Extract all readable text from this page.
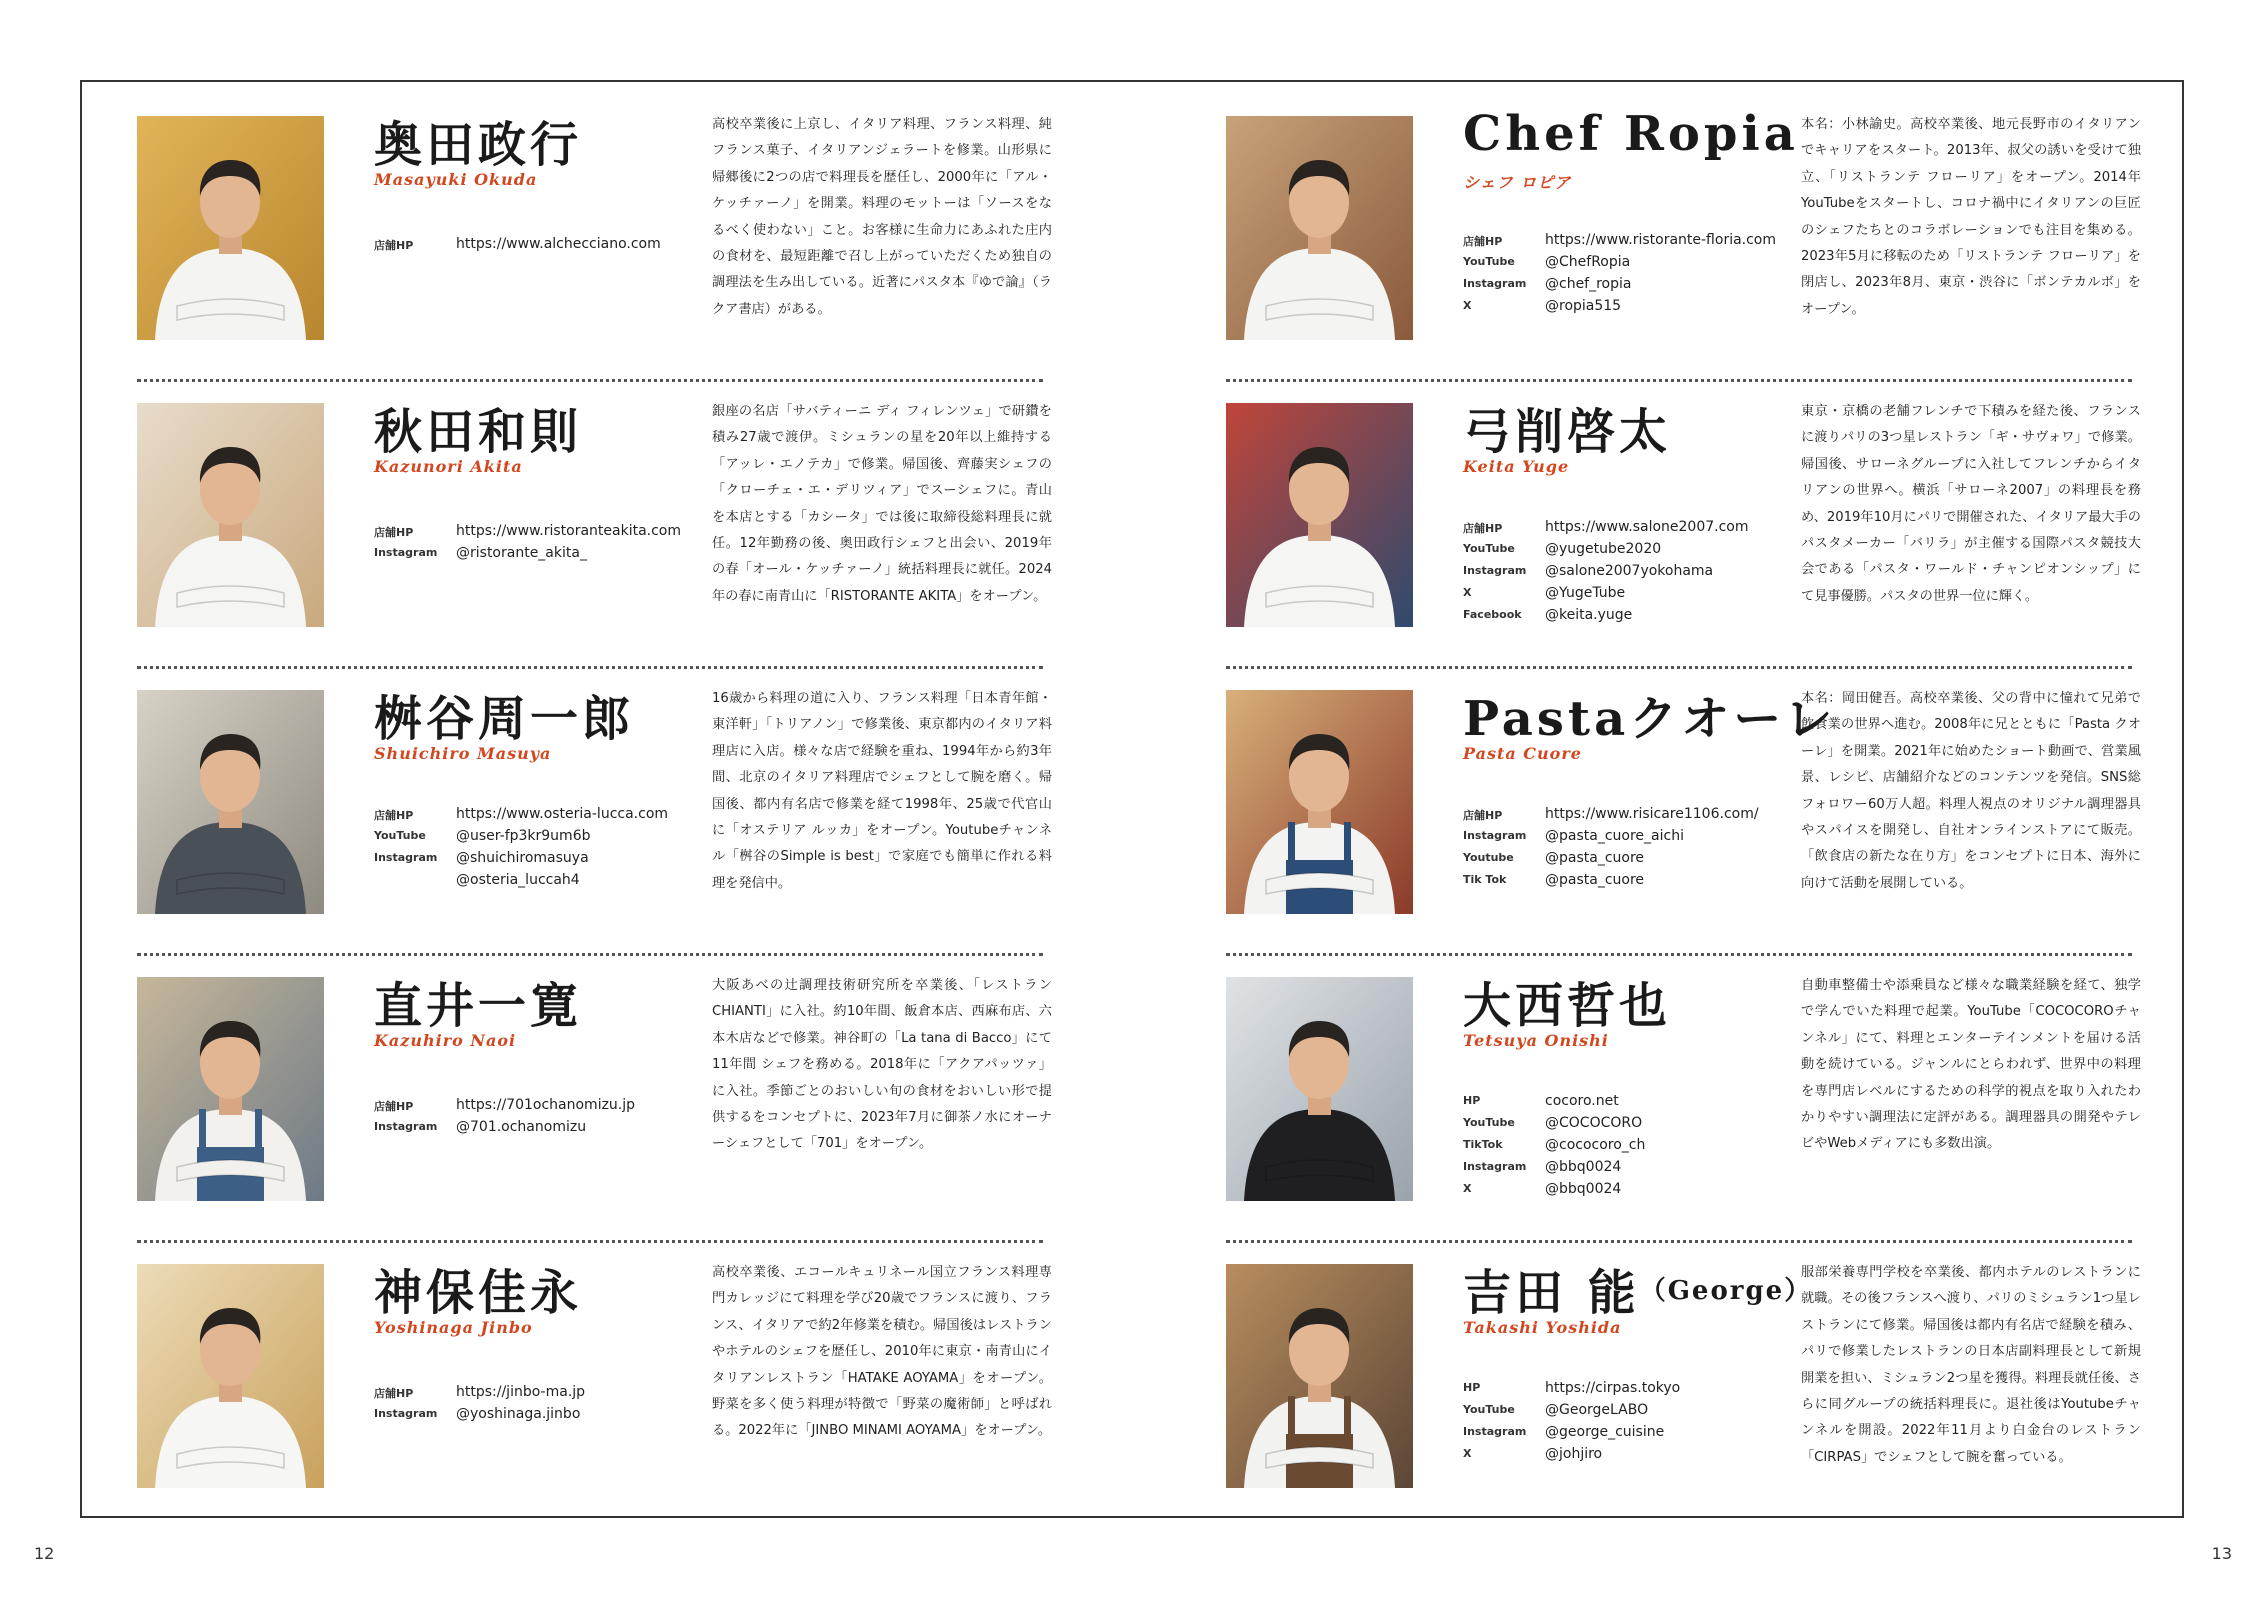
奥田政行
Masayuki Okuda
店舗HP	https://www.alchecciano.com

高校卒業後に上京し、イタリア料理、フランス料理、純フランス菓子、イタリアンジェラートを修業。山形県に帰郷後に2つの店で料理長を歴任し、2000年に「アル・ケッチァーノ」を開業。料理のモットーは「ソースをなるべく使わない」こと。お客様に生命力にあふれた庄内の食材を、最短距離で召し上がっていただくため独自の調理法を生み出している。近著にパスタ本『ゆで論』（ラクア書店）がある。

秋田和則
Kazunori Akita
店舗HP	https://www.ristoranteakita.com
Instagram	@ristorante_akita_

銀座の名店「サバティーニ ディ フィレンツェ」で研鑽を積み27歳で渡伊。ミシュランの星を20年以上維持する「アッレ・エノテカ」で修業。帰国後、齊藤実シェフの「クローチェ・エ・デリツィア」でスーシェフに。青山を本店とする「カシータ」では後に取締役総料理長に就任。12年勤務の後、奥田政行シェフと出会い、2019年の春「オール・ケッチァーノ」統括料理長に就任。2024年の春に南青山に「RISTORANTE AKITA」をオープン。

桝谷周一郎
Shuichiro Masuya
店舗HP	https://www.osteria-lucca.com
YouTube	@user-fp3kr9um6b
Instagram	@shuichiromasuya
@osteria_luccah4

16歳から料理の道に入り、フランス料理「日本青年館・東洋軒」「トリアノン」で修業後、東京都内のイタリア料理店に入店。様々な店で経験を重ね、1994年から約3年間、北京のイタリア料理店でシェフとして腕を磨く。帰国後、都内有名店で修業を経て1998年、25歳で代官山に「オステリア ルッカ」をオープン。Youtubeチャンネル「桝谷のSimple is best」で家庭でも簡単に作れる料理を発信中。

直井一寛
Kazuhiro Naoi
店舗HP	https://701ochanomizu.jp
Instagram	@701.ochanomizu

大阪あべの辻調理技術研究所を卒業後、「レストランCHIANTI」に入社。約10年間、飯倉本店、西麻布店、六本木店などで修業。神谷町の「La tana di Bacco」にて11年間 シェフを務める。2018年に「アクアパッツァ」に入社。季節ごとのおいしい旬の食材をおいしい形で提供するをコンセプトに、2023年7月に御茶ノ水にオーナーシェフとして「701」をオープン。

神保佳永
Yoshinaga Jinbo
店舗HP	https://jinbo-ma.jp
Instagram	@yoshinaga.jinbo

高校卒業後、エコールキュリネール国立フランス料理専門カレッジにて料理を学び20歳でフランスに渡り、フランス、イタリアで約2年修業を積む。帰国後はレストランやホテルのシェフを歴任し、2010年に東京・南青山にイタリアンレストラン「HATAKE AOYAMA」をオープン。野菜を多く使う料理が特徴で「野菜の魔術師」と呼ばれる。2022年に「JINBO MINAMI AOYAMA」をオープン。

Chef Ropia
シェフ ロピア
店舗HP	https://www.ristorante-floria.com
YouTube	@ChefRopia
Instagram	@chef_ropia
X	@ropia515

本名：小林諭史。高校卒業後、地元長野市のイタリアンでキャリアをスタート。2013年、叔父の誘いを受けて独立、「リストランテ フローリア」をオープン。2014年YouTubeをスタートし、コロナ禍中にイタリアンの巨匠のシェフたちとのコラボレーションでも注目を集める。2023年5月に移転のため「リストランテ フローリア」を閉店し、2023年8月、東京・渋谷に「ボンテカルボ」をオープン。

弓削啓太
Keita Yuge
店舗HP	https://www.salone2007.com
YouTube	@yugetube2020
Instagram	@salone2007yokohama
X	@YugeTube
Facebook	@keita.yuge

東京・京橋の老舗フレンチで下積みを経た後、フランスに渡りパリの3つ星レストラン「ギ・サヴォワ」で修業。帰国後、サローネグループに入社してフレンチからイタリアンの世界へ。横浜「サローネ2007」の料理長を務め、2019年10月にパリで開催された、イタリア最大手のパスタメーカー「バリラ」が主催する国際パスタ競技大会である「パスタ・ワールド・チャンピオンシップ」にて見事優勝。パスタの世界一位に輝く。

Pastaクオーレ
Pasta Cuore
店舗HP	https://www.risicare1106.com/
Instagram	@pasta_cuore_aichi
Youtube	@pasta_cuore
Tik Tok	@pasta_cuore

本名：岡田健吾。高校卒業後、父の背中に憧れて兄弟で飲食業の世界へ進む。2008年に兄とともに「Pasta クオーレ」を開業。2021年に始めたショート動画で、営業風景、レシピ、店舗紹介などのコンテンツを発信。SNS総フォロワー60万人超。料理人視点のオリジナル調理器具やスパイスを開発し、自社オンラインストアにて販売。「飲食店の新たな在り方」をコンセプトに日本、海外に向けて活動を展開している。

大西哲也
Tetsuya Onishi
HP	cocoro.net
YouTube	@COCOCORO
TikTok	@cococoro_ch
Instagram	@bbq0024
X	@bbq0024

自動車整備士や添乗員など様々な職業経験を経て、独学で学んでいた料理で起業。YouTube「COCOCOROチャンネル」にて、料理とエンターテインメントを届ける活動を続けている。ジャンルにとらわれず、世界中の料理を専門店レベルにするための科学的視点を取り入れたわかりやすい調理法に定評がある。調理器具の開発やテレビやWebメディアにも多数出演。

吉田 能$^{(George)}$
Takashi Yoshida
HP	https://cirpas.tokyo
YouTube	@GeorgeLABO
Instagram	@george_cuisine
X	@johjiro

服部栄養専門学校を卒業後、都内ホテルのレストランに就職。その後フランスへ渡り、パリのミシュラン1つ星レストランにて修業。帰国後は都内有名店で経験を積み、パリで修業したレストランの日本店副料理長として新規開業を担い、ミシュラン2つ星を獲得。料理長就任後、さらに同グループの統括料理長に。退社後はYoutubeチャンネルを開設。2022年11月より白金台のレストラン「CIRPAS」でシェフとして腕を奮っている。

12	13
